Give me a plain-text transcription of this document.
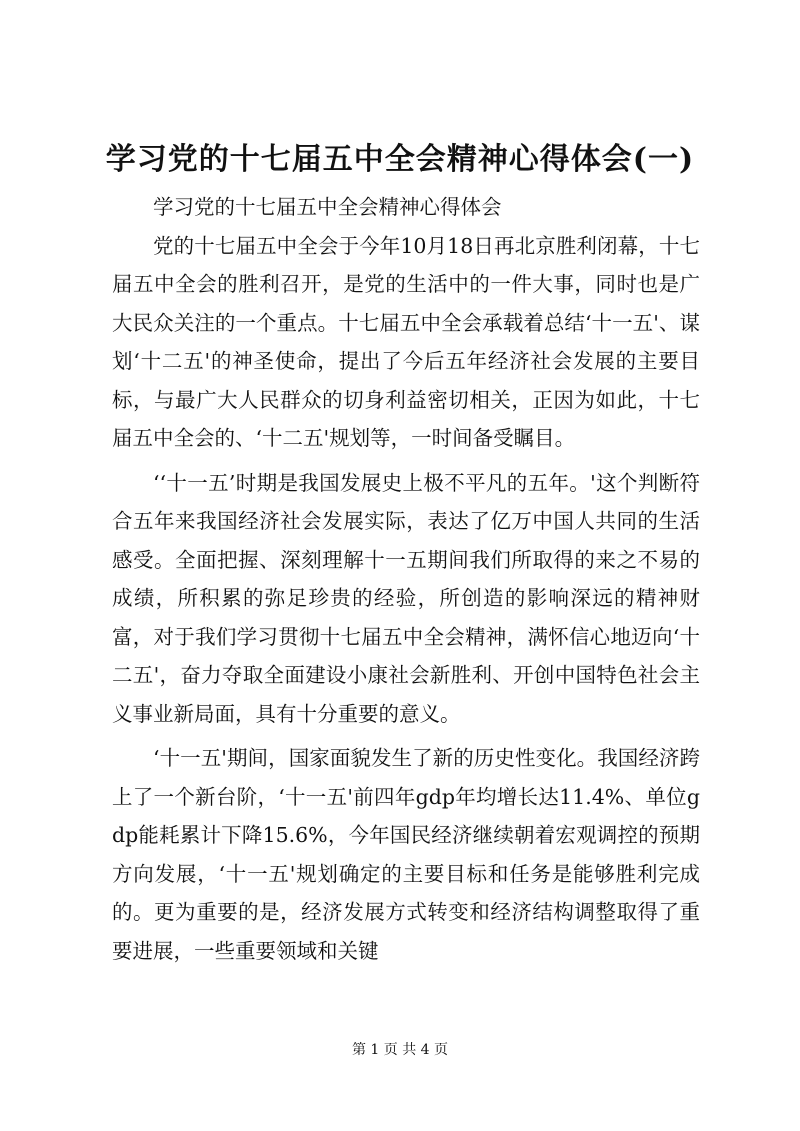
学习党的十七届五中全会精神心得体会(一)

学习党的十七届五中全会精神心得体会

党的十七届五中全会于今年10月18日再北京胜利闭幕，十七届五中全会的胜利召开，是党的生活中的一件大事，同时也是广大民众关注的一个重点。十七届五中全会承载着总结‘十一五'、谋划‘十二五'的神圣使命，提出了今后五年经济社会发展的主要目标，与最广大人民群众的切身利益密切相关，正因为如此，十七届五中全会的、‘十二五'规划等，一时间备受瞩目。

‘‘十一五’时期是我国发展史上极不平凡的五年。'这个判断符合五年来我国经济社会发展实际，表达了亿万中国人共同的生活感受。全面把握、深刻理解十一五期间我们所取得的来之不易的成绩，所积累的弥足珍贵的经验，所创造的影响深远的精神财富，对于我们学习贯彻十七届五中全会精神，满怀信心地迈向‘十二五'，奋力夺取全面建设小康社会新胜利、开创中国特色社会主义事业新局面，具有十分重要的意义。

‘十一五'期间，国家面貌发生了新的历史性变化。我国经济跨上了一个新台阶，‘十一五'前四年gdp年均增长达11.4%、单位gdp能耗累计下降15.6%，今年国民经济继续朝着宏观调控的预期方向发展，‘十一五'规划确定的主要目标和任务是能够胜利完成的。更为重要的是，经济发展方式转变和经济结构调整取得了重要进展，一些重要领域和关键

第 1 页 共 4 页
